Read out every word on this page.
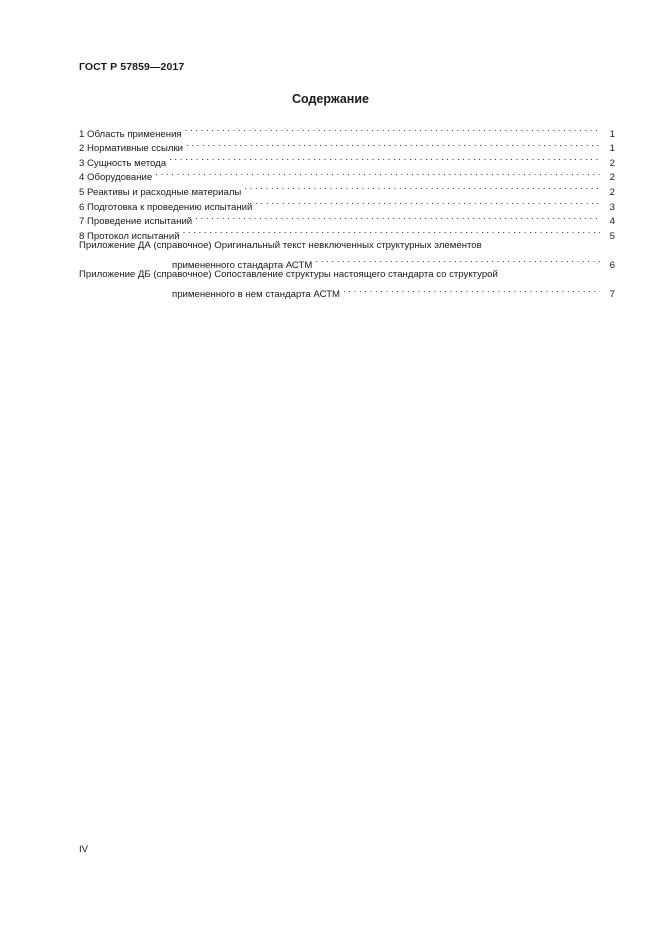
ГОСТ Р 57859—2017
Содержание
1 Область применения . . .	1
2 Нормативные ссылки . . .	1
3 Сущность метода . . .	2
4 Оборудование . . .	2
5 Реактивы и расходные материалы . . .	2
6 Подготовка к проведению испытаний . . .	3
7 Проведение испытаний . . .	4
8 Протокол испытаний . . .	5
Приложение ДА (справочное) Оригинальный текст невключенных структурных элементов
примененного стандарта АСТМ . . .	6
Приложение ДБ (справочное) Сопоставление структуры настоящего стандарта со структурой
примененного в нем стандарта АСТМ . . .	7
IV
